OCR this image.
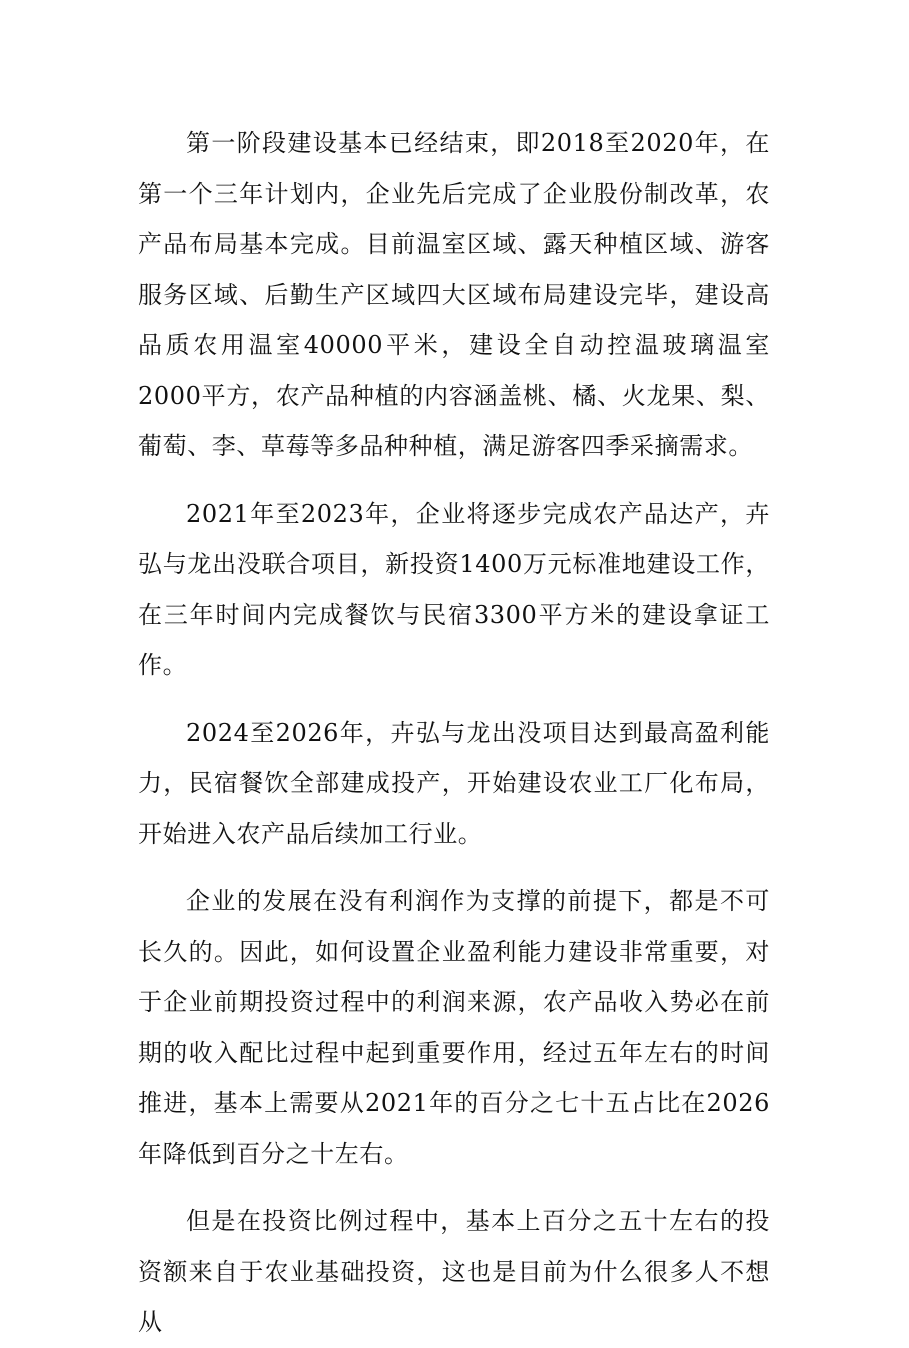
第一阶段建设基本已经结束，即2018至2020年，在第一个三年计划内，企业先后完成了企业股份制改革，农产品布局基本完成。目前温室区域、露天种植区域、游客服务区域、后勤生产区域四大区域布局建设完毕，建设高品质农用温室40000平米，建设全自动控温玻璃温室2000平方，农产品种植的内容涵盖桃、橘、火龙果、梨、葡萄、李、草莓等多品种种植，满足游客四季采摘需求。

2021年至2023年，企业将逐步完成农产品达产，卉弘与龙出没联合项目，新投资1400万元标准地建设工作，在三年时间内完成餐饮与民宿3300平方米的建设拿证工作。

2024至2026年，卉弘与龙出没项目达到最高盈利能力，民宿餐饮全部建成投产，开始建设农业工厂化布局，开始进入农产品后续加工行业。

企业的发展在没有利润作为支撑的前提下，都是不可长久的。因此，如何设置企业盈利能力建设非常重要，对于企业前期投资过程中的利润来源，农产品收入势必在前期的收入配比过程中起到重要作用，经过五年左右的时间推进，基本上需要从2021年的百分之七十五占比在2026年降低到百分之十左右。

但是在投资比例过程中，基本上百分之五十左右的投资额来自于农业基础投资，这也是目前为什么很多人不想从
